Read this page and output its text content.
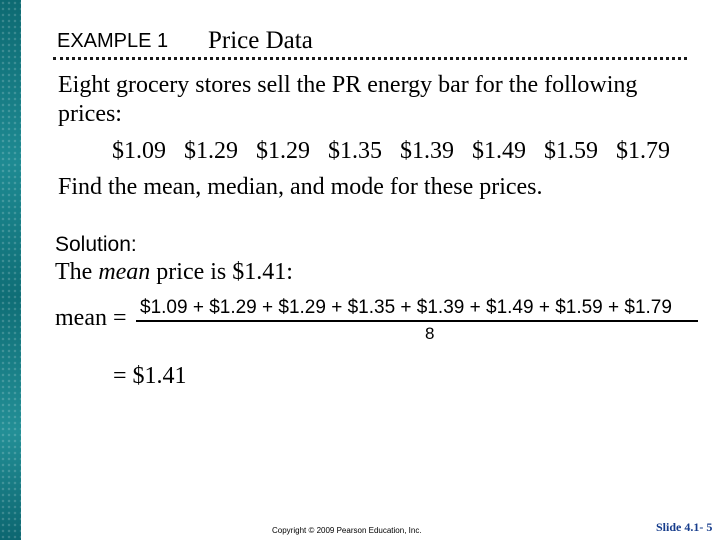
EXAMPLE 1 Price Data
Eight grocery stores sell the PR energy bar for the following
prices:
$1.09   $1.29   $1.29   $1.35   $1.39   $1.49   $1.59   $1.79
Find the mean, median, and mode for these prices.
Solution:
The mean price is $1.41:
mean = $1.09 + $1.29 + $1.29 + $1.35 + $1.39 + $1.49 + $1.59 + $1.79
8
= $1.41
Copyright © 2009 Pearson Education, Inc.	Slide 4.1- 5
